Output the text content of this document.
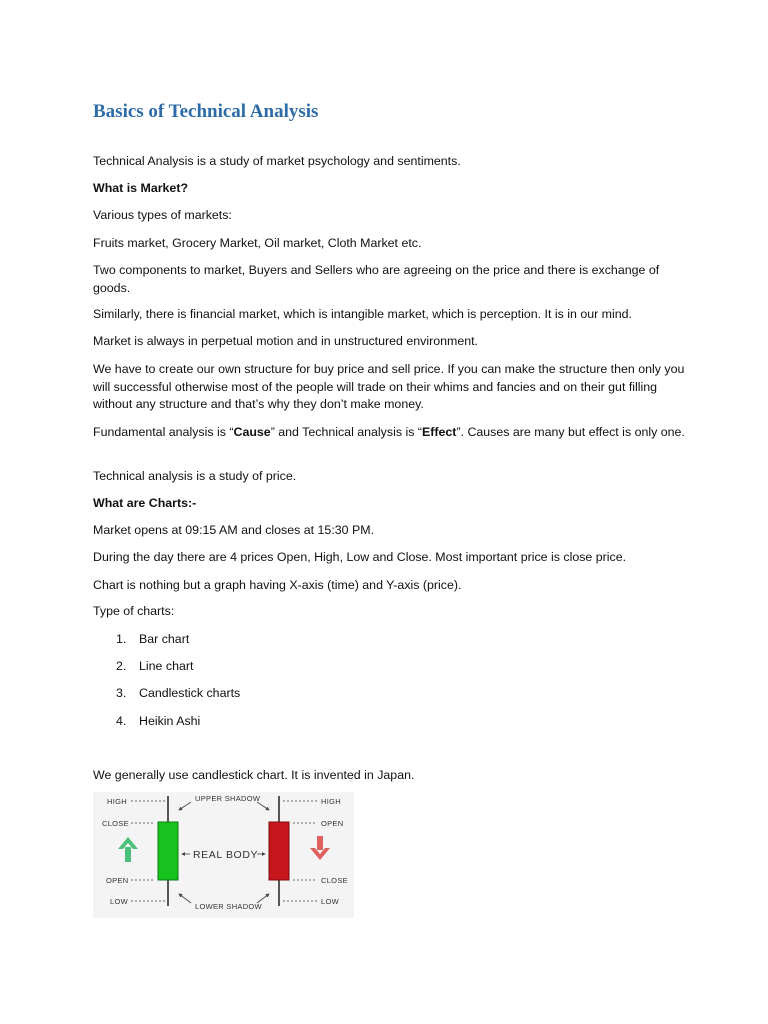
Basics of Technical Analysis

Technical Analysis is a study of market psychology and sentiments.

What is Market?

Various types of markets:

Fruits market, Grocery Market, Oil market, Cloth Market etc.

Two components to market, Buyers and Sellers who are agreeing on the price and there is exchange of goods.

Similarly, there is financial market, which is intangible market, which is perception. It is in our mind.

Market is always in perpetual motion and in unstructured environment.

We have to create our own structure for buy price and sell price. If you can make the structure then only you will successful otherwise most of the people will trade on their whims and fancies and on their gut filling without any structure and that’s why they don’t make money.

Fundamental analysis is “Cause” and Technical analysis is “Effect”. Causes are many but effect is only one.

Technical analysis is a study of price.

What are Charts:-

Market opens at 09:15 AM and closes at 15:30 PM.

During the day there are 4 prices Open, High, Low and Close. Most important price is close price.

Chart is nothing but a graph having X-axis (time) and Y-axis (price).

Type of charts:

1. Bar chart
2. Line chart
3. Candlestick charts
4. Heikin Ashi

We generally use candlestick chart. It is invented in Japan.

HIGH
CLOSE
OPEN
LOW
UPPER SHADOW
REAL BODY
LOWER SHADOW
HIGH
OPEN
CLOSE
LOW
